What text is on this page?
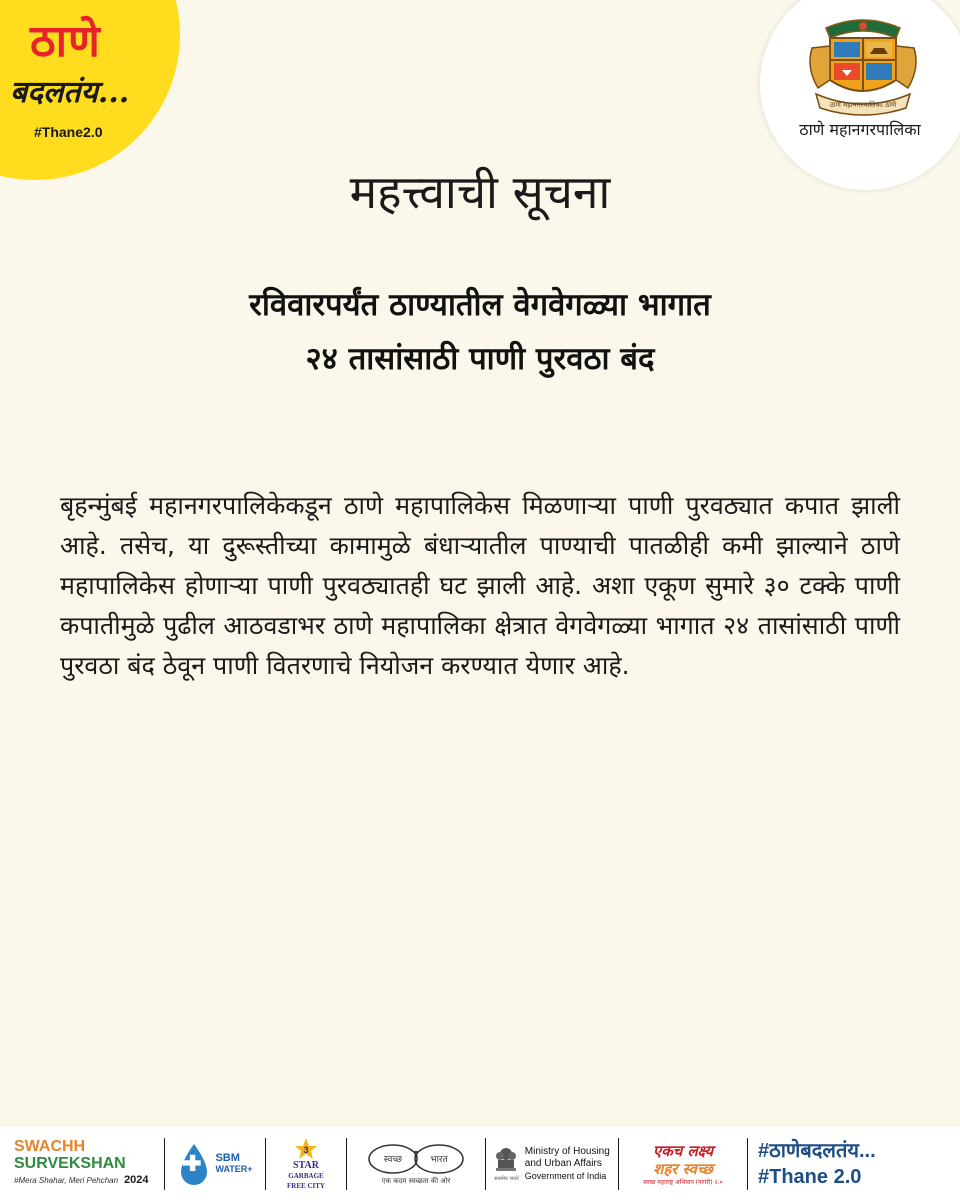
ठाणे
बदलतंय...
#Thane2.0
ठाणे महानगरपालिका ठाणे
ठाणे महानगरपालिका
महत्त्वाची सूचना
रविवारपर्यंत ठाण्यातील वेगवेगळ्या भागात
२४ तासांसाठी पाणी पुरवठा बंद

बृहन्मुंबई महानगरपालिकेकडून ठाणे महापालिकेस मिळणाऱ्या पाणी पुरवठ्यात कपात झाली आहे. तसेच, या दुरूस्तीच्या कामामुळे बंधाऱ्यातील पाण्याची पातळीही कमी झाल्याने ठाणे महापालिकेस होणाऱ्या पाणी पुरवठ्यातही घट झाली आहे. अशा एकूण सुमारे ३० टक्के पाणी कपातीमुळे पुढील आठवडाभर ठाणे महापालिका क्षेत्रात वेगवेगळ्या भागात २४ तासांसाठी पाणी पुरवठा बंद ठेवून पाणी वितरणाचे नियोजन करण्यात येणार आहे.

SWACHH
SURVEKSHAN
#Mera Shahar, Meri Pehchan 2024
SBM
WATER+
3
STAR
GARBAGE
FREE CITY
स्वच्छ	भारत
एक कदम स्वच्छता की ओर	सत्यमेव जयते
Ministry of Housing
and Urban Affairs
Government of India
एकच लक्ष्य
शहर स्वच्छ
स्वच्छ महाराष्ट्र अभियान (नागरी) २.०
#ठाणेबदलतंय...
#Thane 2.0
